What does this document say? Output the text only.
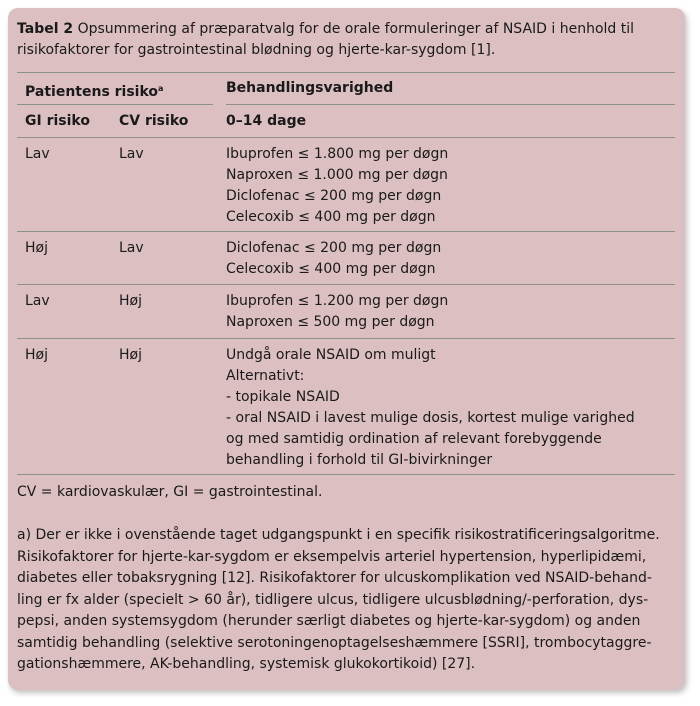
Tabel 2 Opsummering af præparatvalg for de orale formuleringer af NSAID i henhold til
risikofaktorer for gastrointestinal blødning og hjerte-kar-sygdom [1].
Patientens risiko$^a$	Behandlingsvarighed
GI risiko CV risiko	0–14 dage
Lav	Lav	Ibuprofen ≤ 1.800 mg per døgn
Naproxen ≤ 1.000 mg per døgn
Diclofenac ≤ 200 mg per døgn
Celecoxib ≤ 400 mg per døgn
Høj	Lav	Diclofenac ≤ 200 mg per døgn
Celecoxib ≤ 400 mg per døgn
Lav	Høj	Ibuprofen ≤ 1.200 mg per døgn
Naproxen ≤ 500 mg per døgn
Høj	Høj	Undgå orale NSAID om muligt
Alternativt:
- topikale NSAID
- oral NSAID i lavest mulige dosis, kortest mulige varighed
og med samtidig ordination af relevant forebyggende
behandling i forhold til GI-bivirkninger
CV = kardiovaskulær, GI = gastrointestinal.
a) Der er ikke i ovenstående taget udgangspunkt i en specifik risikostratificeringsalgoritme.
Risikofaktorer for hjerte-kar-sygdom er eksempelvis arteriel hypertension, hyperlipidæmi,
diabetes eller tobaksrygning [12]. Risikofaktorer for ulcuskomplikation ved NSAID-behand-
ling er fx alder (specielt > 60 år), tidligere ulcus, tidligere ulcusblødning/-perforation, dys-
pepsi, anden systemsygdom (herunder særligt diabetes og hjerte-kar-sygdom) og anden
samtidig behandling (selektive serotoningenoptagelseshæmmere [SSRI], trombocytaggre-
gationshæmmere, AK-behandling, systemisk glukokortikoid) [27].
